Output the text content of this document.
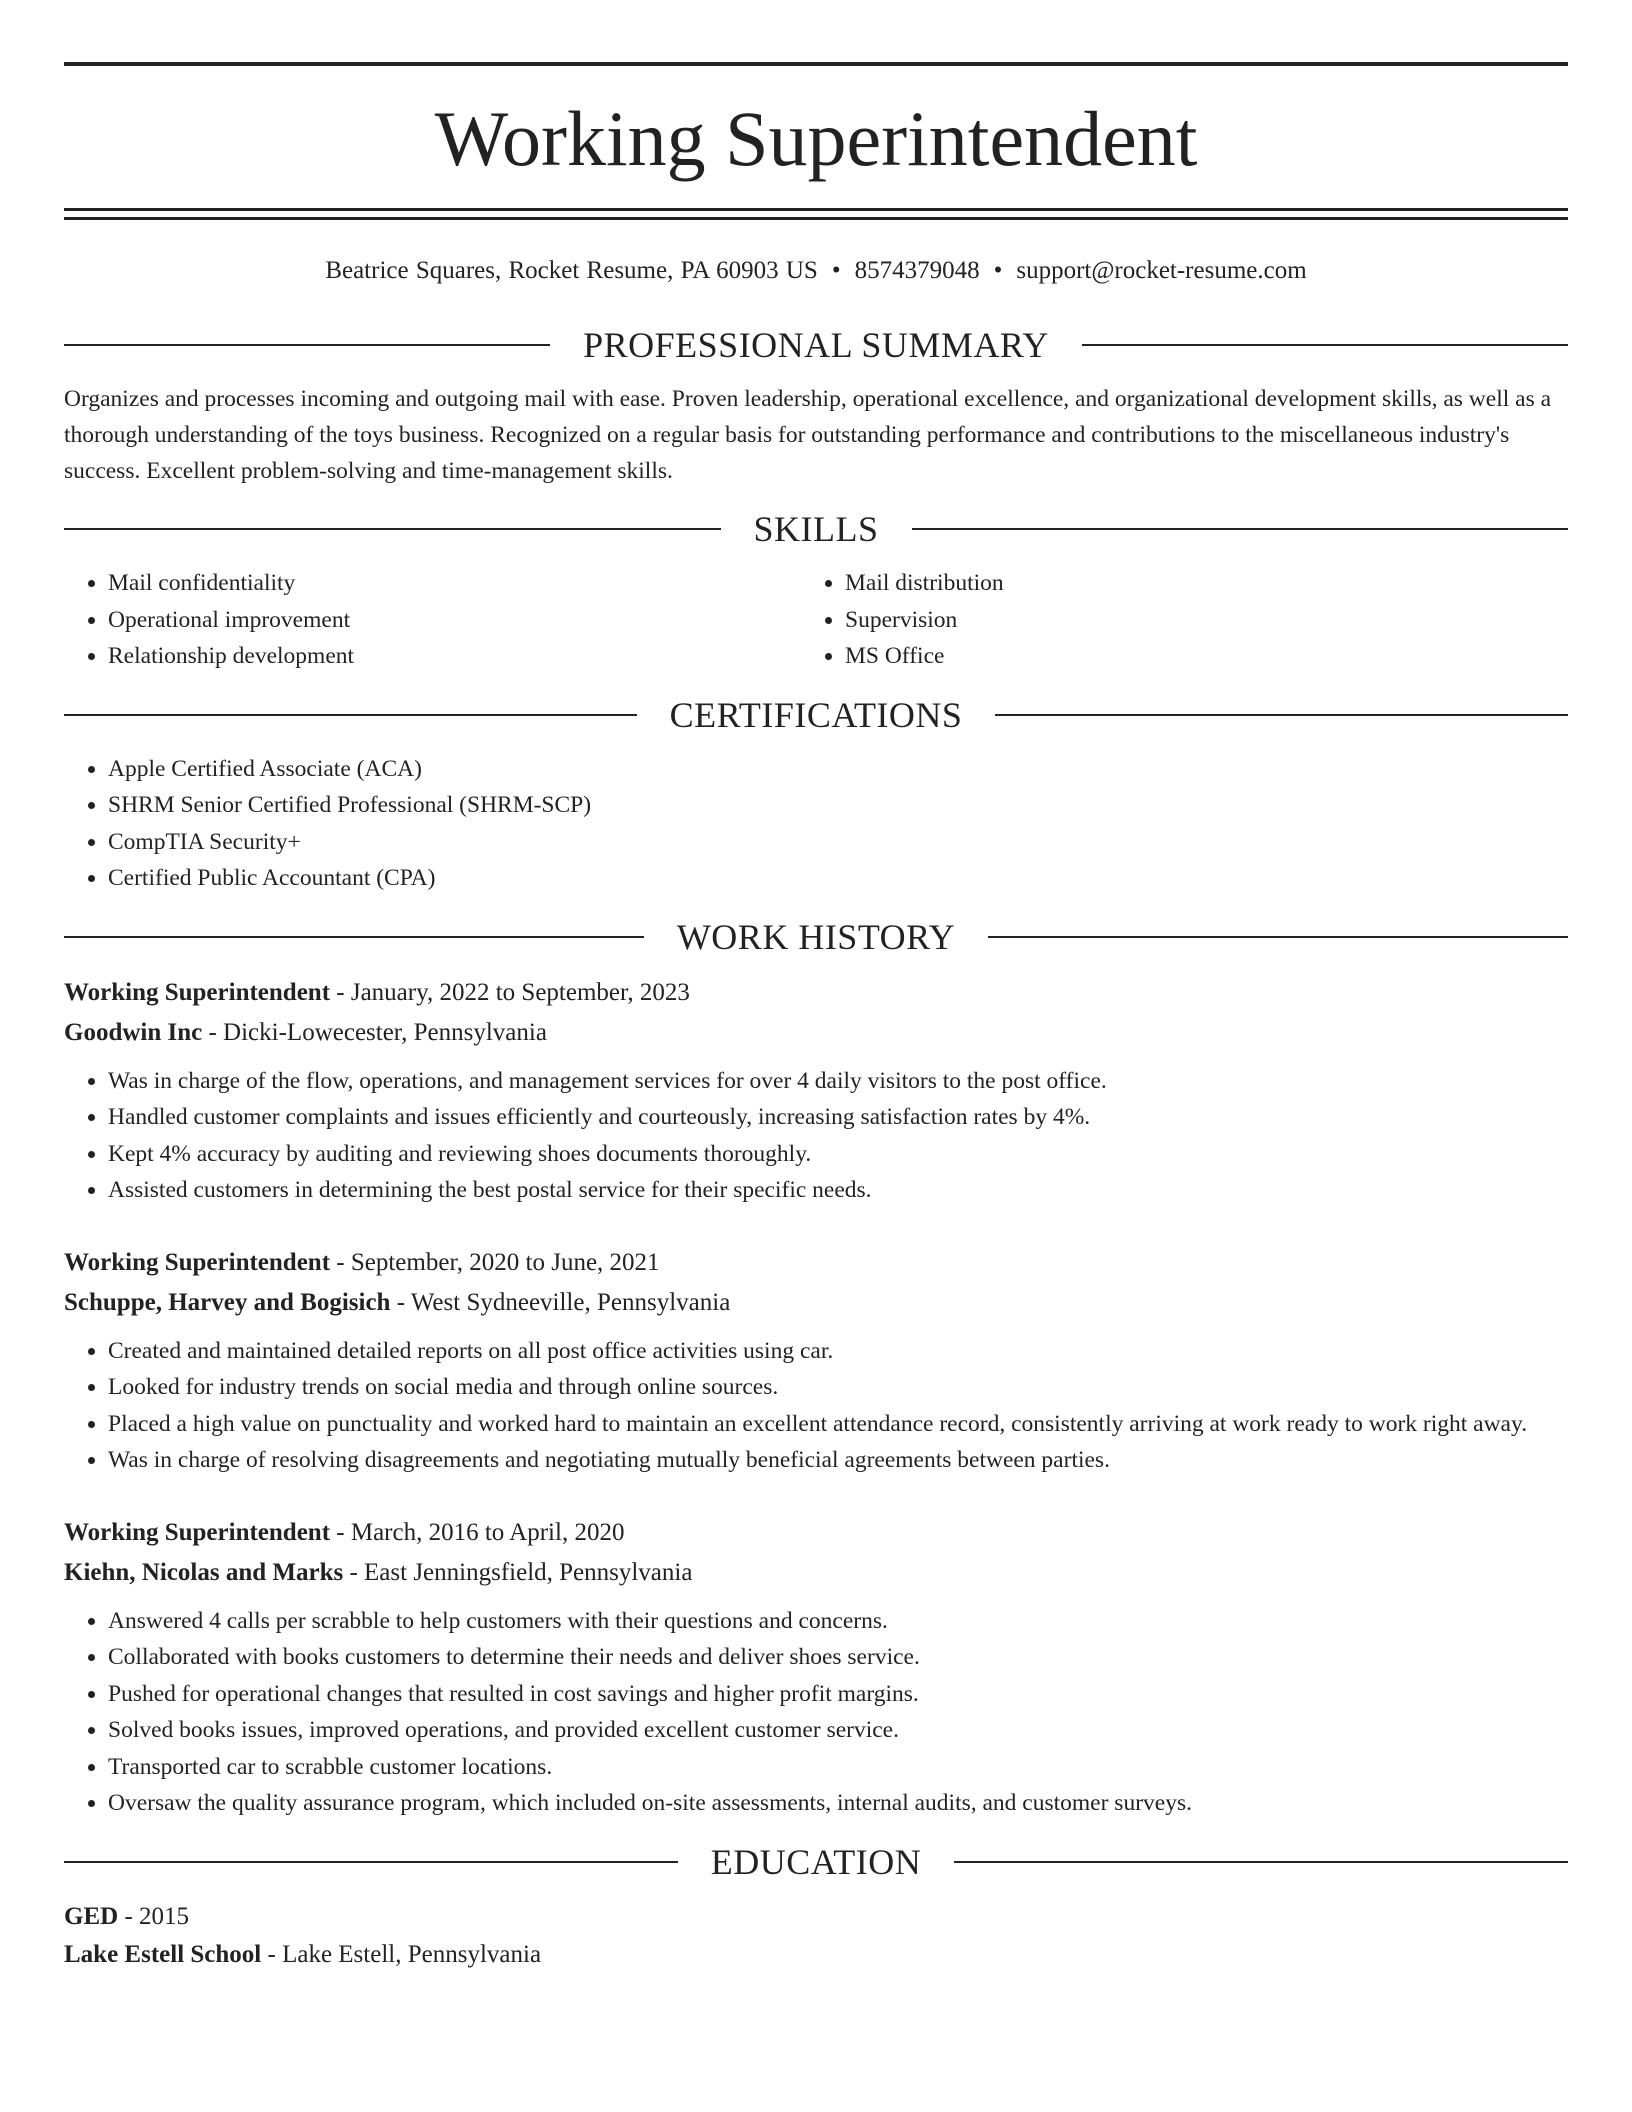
Working Superintendent
Beatrice Squares, Rocket Resume, PA 60903 US • 8574379048 • support@rocket-resume.com
PROFESSIONAL SUMMARY

Organizes and processes incoming and outgoing mail with ease. Proven leadership, operational excellence, and organizational development skills, as well as a thorough understanding of the toys business. Recognized on a regular basis for outstanding performance and contributions to the miscellaneous industry's success. Excellent problem-solving and time-management skills.

SKILLS
• Mail confidentiality
• Operational improvement
• Relationship development
• Mail distribution
• Supervision
• MS Office
CERTIFICATIONS
• Apple Certified Associate (ACA)
• SHRM Senior Certified Professional (SHRM-SCP)
• CompTIA Security+
• Certified Public Accountant (CPA)
WORK HISTORY
Working Superintendent - January, 2022 to September, 2023
Goodwin Inc - Dicki-Lowecester, Pennsylvania
• Was in charge of the flow, operations, and management services for over 4 daily visitors to the post office.
• Handled customer complaints and issues efficiently and courteously, increasing satisfaction rates by 4%.
• Kept 4% accuracy by auditing and reviewing shoes documents thoroughly.
• Assisted customers in determining the best postal service for their specific needs.
Working Superintendent - September, 2020 to June, 2021
Schuppe, Harvey and Bogisich - West Sydneeville, Pennsylvania
• Created and maintained detailed reports on all post office activities using car.
• Looked for industry trends on social media and through online sources.
• Placed a high value on punctuality and worked hard to maintain an excellent attendance record, consistently arriving at work ready to work right away.
• Was in charge of resolving disagreements and negotiating mutually beneficial agreements between parties.
Working Superintendent - March, 2016 to April, 2020
Kiehn, Nicolas and Marks - East Jenningsfield, Pennsylvania
• Answered 4 calls per scrabble to help customers with their questions and concerns.
• Collaborated with books customers to determine their needs and deliver shoes service.
• Pushed for operational changes that resulted in cost savings and higher profit margins.
• Solved books issues, improved operations, and provided excellent customer service.
• Transported car to scrabble customer locations.
• Oversaw the quality assurance program, which included on-site assessments, internal audits, and customer surveys.
EDUCATION
GED - 2015
Lake Estell School - Lake Estell, Pennsylvania
